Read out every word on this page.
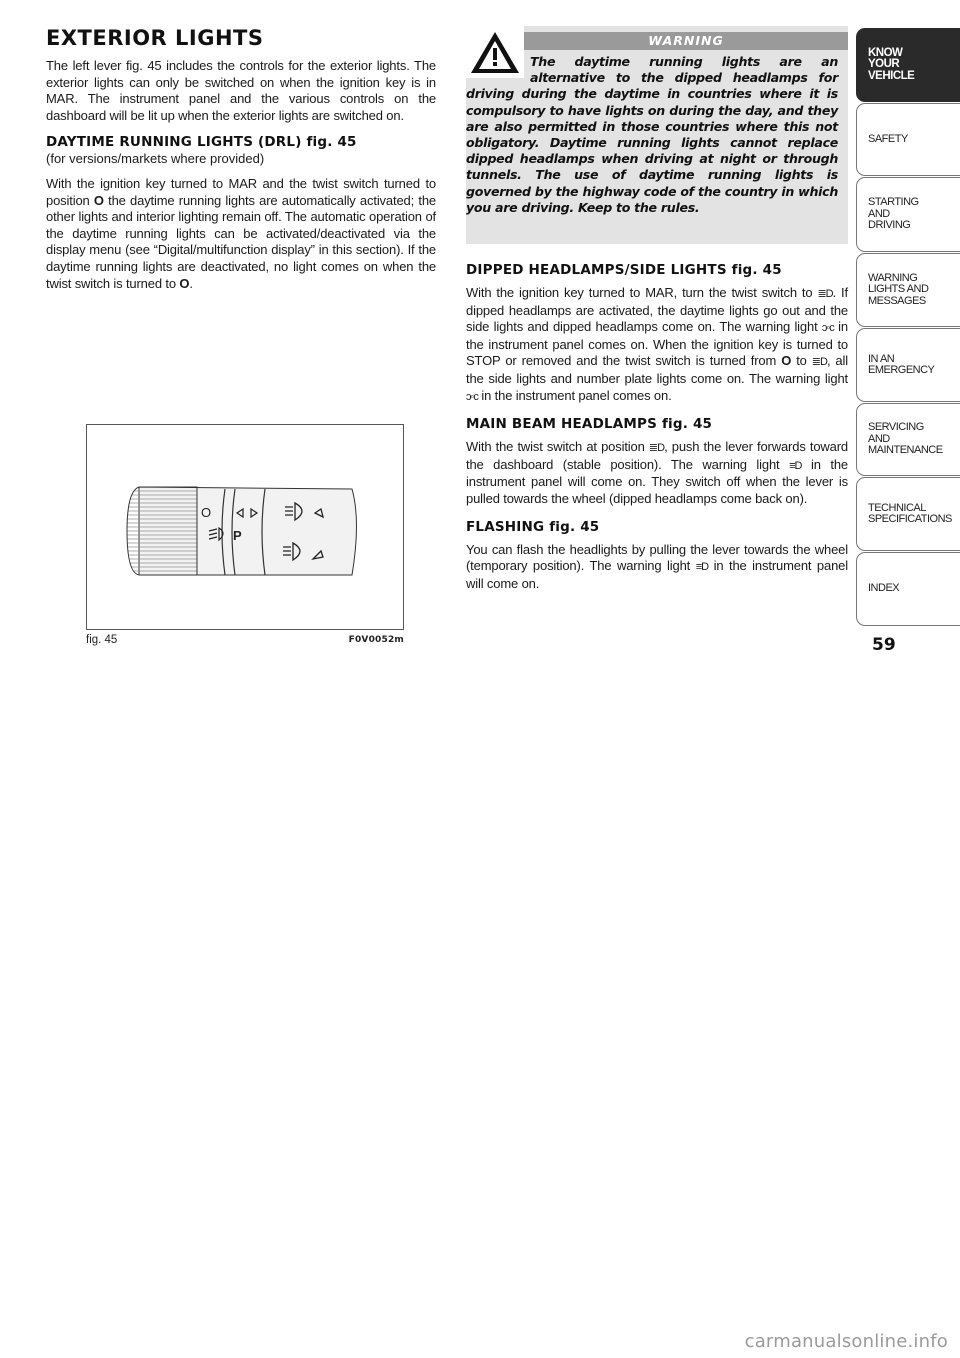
EXTERIOR LIGHTS

The left lever fig. 45 includes the controls for the exterior lights. The exterior lights can only be switched on when the ignition key is in MAR. The instrument panel and the various controls on the dashboard will be lit up when the exterior lights are switched on.

DAYTIME RUNNING LIGHTS (DRL) fig. 45

(for versions/markets where provided)

With the ignition key turned to MAR and the twist switch turned to position O the daytime running lights are automatically activated; the other lights and interior lighting remain off. The automatic operation of the daytime running lights can be activated/deactivated via the display menu (see “Digital/multifunction display” in this section). If the daytime running lights are deactivated, no light comes on when the twist switch is turned to O.

O
P
fig. 45	F0V0052m
WARNING
The daytime running lights are an alternative to the dipped headlamps for driving during the daytime in countries where it is compulsory to have lights on during the day, and they are also permitted in those countries where this not obligatory. Daytime running lights cannot replace dipped headlamps when driving at night or through tunnels. The use of daytime running lights is governed by the highway code of the country in which you are driving. Keep to the rules.
DIPPED HEADLAMPS/SIDE LIGHTS fig. 45

With the ignition key turned to MAR, turn the twist switch to ≣D. If dipped headlamps are activated, the daytime lights go out and the side lights and dipped headlamps come on. The warning light ᴐ◦ᴄ in the instrument panel comes on. When the ignition key is turned to STOP or removed and the twist switch is turned from O to ≣D, all the side lights and number plate lights come on. The warning light ᴐ◦ᴄ in the instrument panel comes on.

MAIN BEAM HEADLAMPS fig. 45

With the twist switch at position ≣D, push the lever forwards toward the dashboard (stable position). The warning light ≡D in the instrument panel will come on. They switch off when the lever is pulled towards the wheel (dipped headlamps come back on).

FLASHING fig. 45

You can flash the headlights by pulling the lever towards the wheel (temporary position). The warning light ≡D in the instrument panel will come on.

KNOW
YOUR
VEHICLE
SAFETY
STARTING
AND
DRIVING
WARNING
LIGHTS AND
MESSAGES
IN AN
EMERGENCY
SERVICING
AND
MAINTENANCE
TECHNICAL
SPECIFICATIONS
INDEX
59
carmanualsonline.info
